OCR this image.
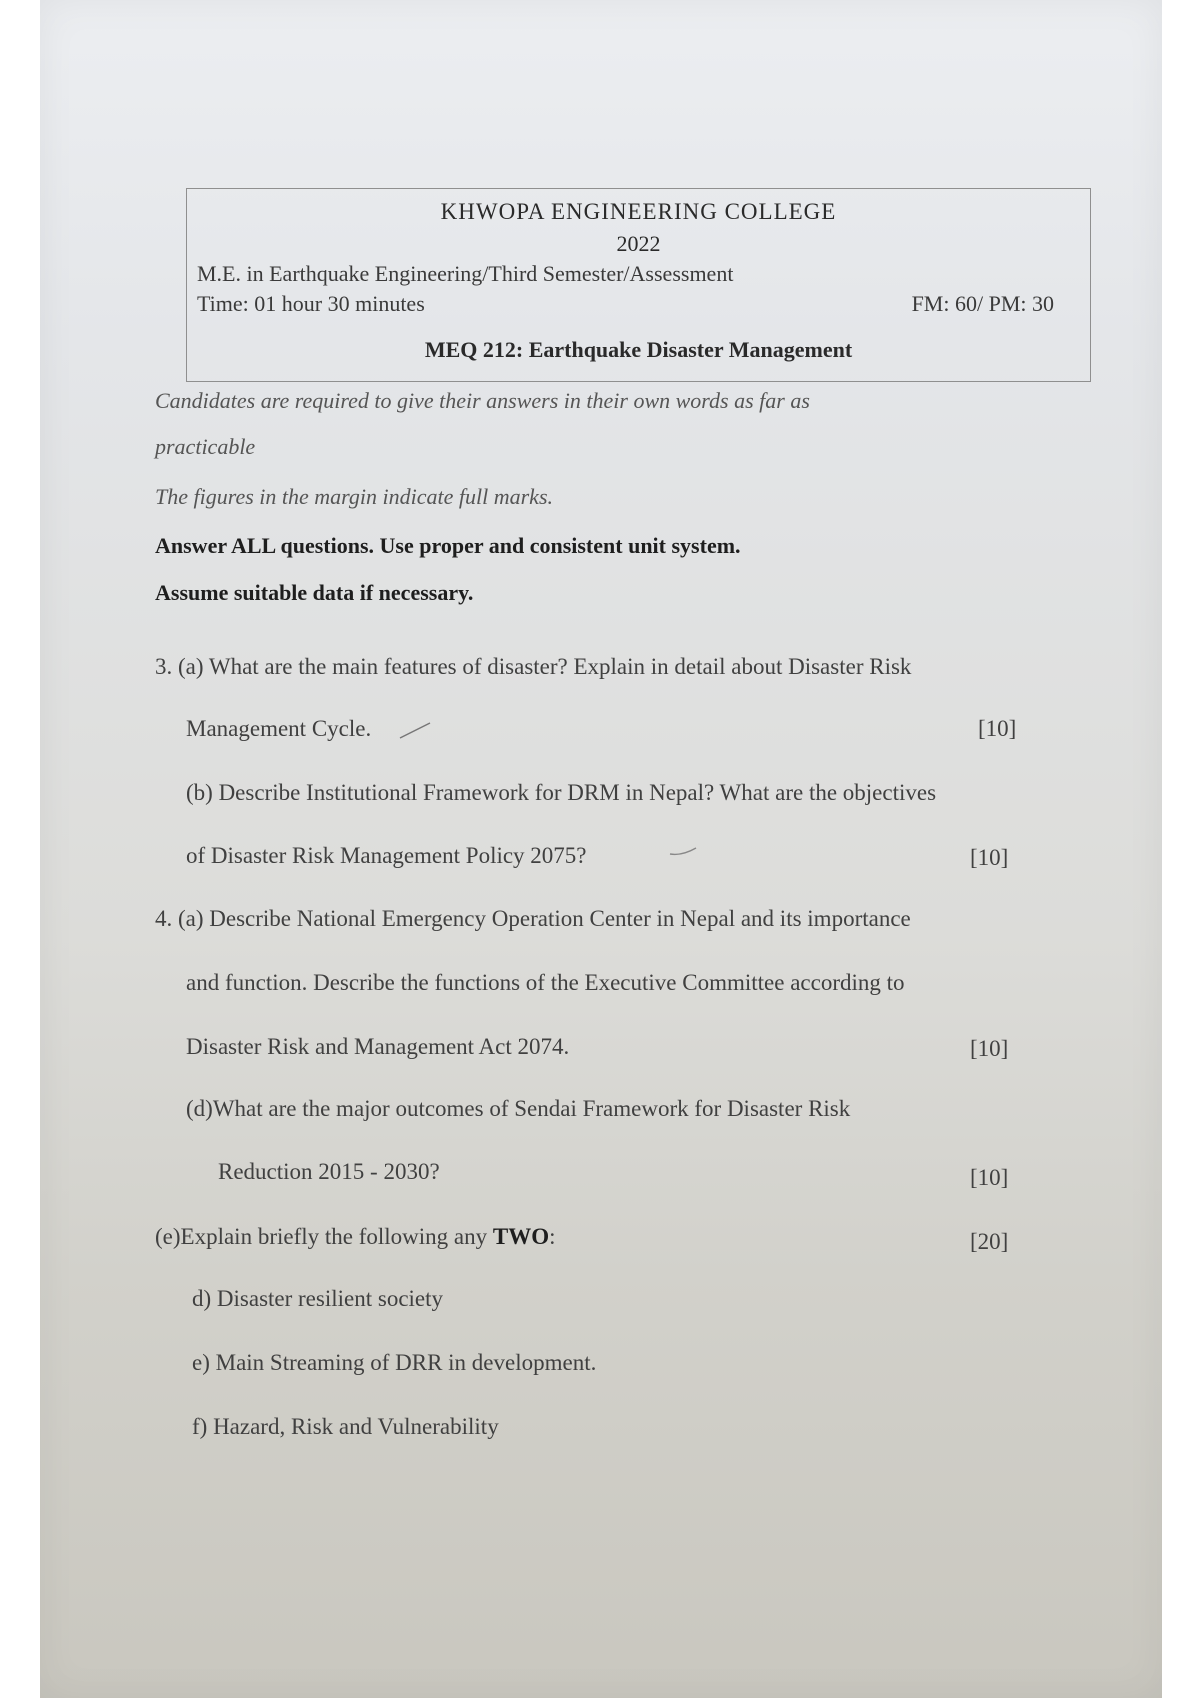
KHWOPA ENGINEERING COLLEGE
2022
M.E. in Earthquake Engineering/Third Semester/Assessment
Time: 01 hour 30 minutes	FM: 60/ PM: 30
MEQ 212: Earthquake Disaster Management
Candidates are required to give their answers in their own words as far as
practicable
The figures in the margin indicate full marks.
Answer ALL questions. Use proper and consistent unit system.
Assume suitable data if necessary.
3. (a) What are the main features of disaster? Explain in detail about Disaster Risk
Management Cycle.	[10]
(b) Describe Institutional Framework for DRM in Nepal? What are the objectives
of Disaster Risk Management Policy 2075?	[10]
4. (a) Describe National Emergency Operation Center in Nepal and its importance
and function. Describe the functions of the Executive Committee according to
Disaster Risk and Management Act 2074.	[10]
(d)What are the major outcomes of Sendai Framework for Disaster Risk
Reduction 2015 - 2030?	[10]
(e)Explain briefly the following any TWO:	[20]
d) Disaster resilient society
e) Main Streaming of DRR in development.
f) Hazard, Risk and Vulnerability
